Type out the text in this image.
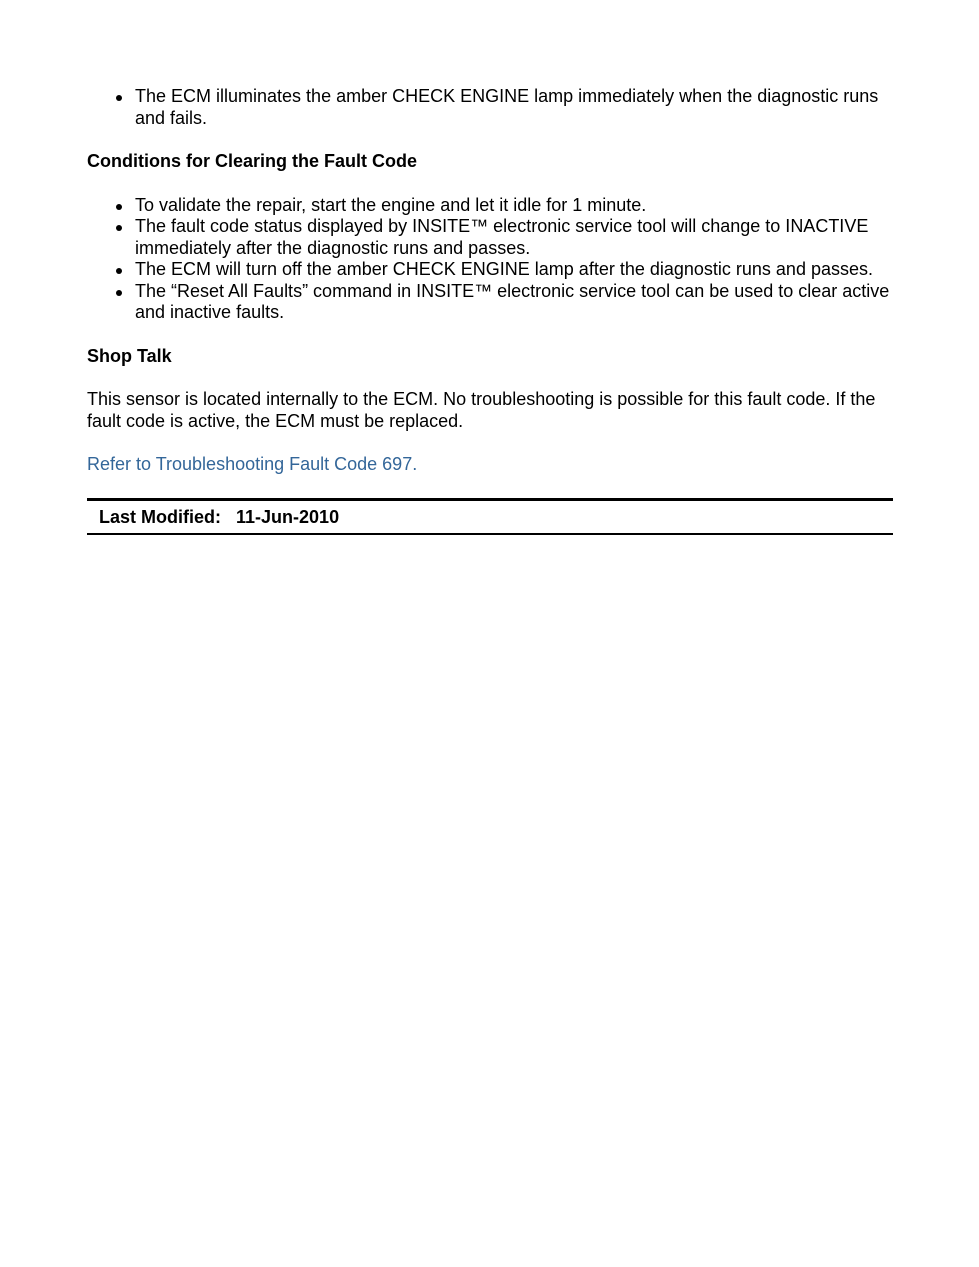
The ECM illuminates the amber CHECK ENGINE lamp immediately when the diagnostic runs and fails.
Conditions for Clearing the Fault Code
To validate the repair, start the engine and let it idle for 1 minute.
The fault code status displayed by INSITE™ electronic service tool will change to INACTIVE immediately after the diagnostic runs and passes.
The ECM will turn off the amber CHECK ENGINE lamp after the diagnostic runs and passes.
The “Reset All Faults” command in INSITE™ electronic service tool can be used to clear active and inactive faults.
Shop Talk

This sensor is located internally to the ECM. No troubleshooting is possible for this fault code. If the fault code is active, the ECM must be replaced.

Refer to Troubleshooting Fault Code 697.
Last Modified: 11-Jun-2010
